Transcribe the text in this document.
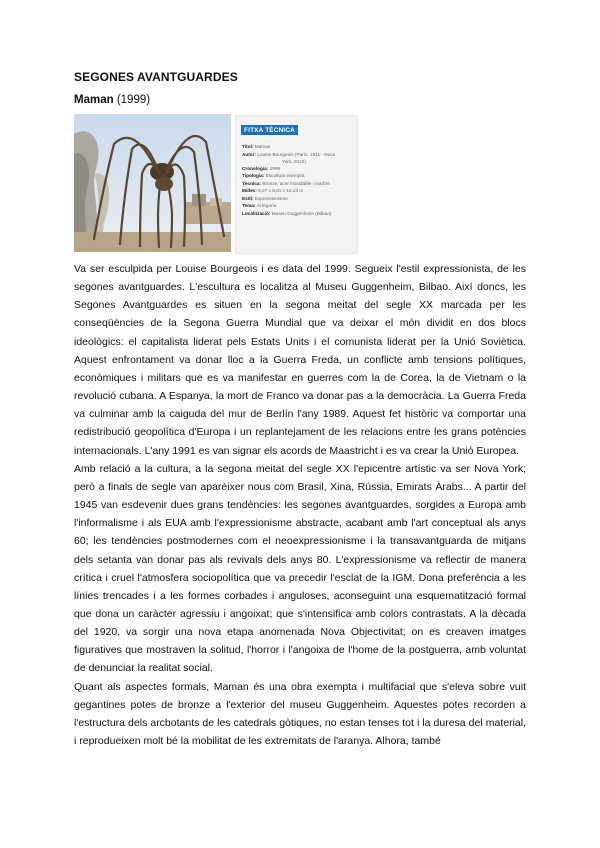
SEGONES AVANTGUARDES
Maman (1999)
FITXA TÈCNICA
Títol: Maman
Autor: Louise Bourgeois (París, 1911 - Nova
York, 2010)
Cronologia: 1999
Tipologia: Escultura exempta
Tècnica: Bronze, acer inoxidable i marbre
Mides: 9,27 x 8,91 x 10,23 m
Estil: Expressionisme
Tema: Al·legoria
Localització: Museu Guggenheim (Bilbao)

Va ser esculpida per Louise Bourgeois i es data del 1999. Segueix l'estil expressionista, de les segones avantguardes. L'escultura es localitza al Museu Guggenheim, Bilbao. Així doncs, les Segones Avantguardes es situen en la segona meitat del segle XX marcada per les conseqüències de la Segona Guerra Mundial que va deixar el món dividit en dos blocs ideològics: el capitalista liderat pels Estats Units i el comunista liderat per la Unió Soviètica. Aquest enfrontament va donar lloc a la Guerra Freda, un conflicte amb tensions polítiques, econòmiques i militars que es va manifestar en guerres com la de Corea, la de Vietnam o la revolució cubana. A Espanya, la mort de Franco va donar pas a la democràcia. La Guerra Freda va culminar amb la caiguda del mur de Berlín l'any 1989. Aquest fet històric va comportar una redistribució geopolítica d'Europa i un replantejament de les relacions entre les grans potències internacionals. L'any 1991 es van signar els acords de Maastricht i es va crear la Unió Europea.

Amb relació a la cultura, a la segona meitat del segle XX l'epicentre artístic va ser Nova York; però a finals de segle van aparèixer nous com Brasil, Xina, Rússia, Emirats Àrabs... A partir del 1945 van esdevenir dues grans tendències: les segones avantguardes, sorgides a Europa amb l'informalisme i als EUA amb l'expressionisme abstracte, acabant amb l'art conceptual als anys 60; les tendències postmodernes com el neoexpressionisme i la transavantguarda de mitjans dels setanta van donar pas als revivals dels anys 80. L'expressionisme va reflectir de manera crítica i cruel l'atmosfera sociopolítica que va precedir l'esclat de la IGM. Dona preferència a les línies trencades i a les formes corbades i anguloses, aconseguint una esquematització formal que dona un caràcter agressiu i angoixat; que s'intensifica amb colors contrastats. A la dècada del 1920, va sorgir una nova etapa anomenada Nova Objectivitat; on es creaven imatges figuratives que mostraven la solitud, l'horror i l'angoixa de l'home de la postguerra, amb voluntat de denunciar la realitat social.

Quant als aspectes formals, Maman és una obra exempta i multifacial que s'eleva sobre vuit gegantines potes de bronze a l'exterior del museu Guggenheim. Aquestes potes recorden a l'estructura dels arcbotants de les catedrals gòtiques, no estan tenses tot i la duresa del material, i reprodueixen molt bé la mobilitat de les extremitats de l'aranya. Alhora, també
